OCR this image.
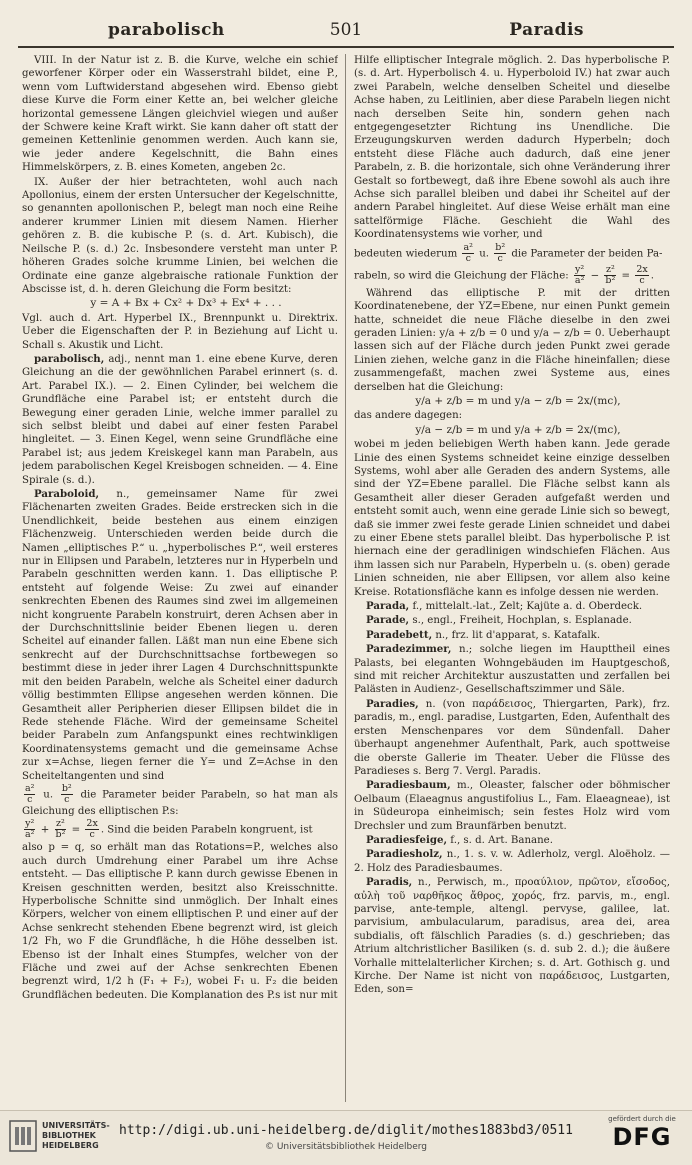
parabolisch	501	Paradis

VIII. In der Natur ist z. B. die Kurve, welche ein schief geworfener Körper oder ein Wasserstrahl bildet, eine P., wenn vom Luftwiderstand abgesehen wird. Ebenso giebt diese Kurve die Form einer Kette an, bei welcher gleiche horizontal gemessene Längen gleichviel wiegen und außer der Schwere keine Kraft wirkt. Sie kann daher oft statt der gemeinen Kettenlinie genommen werden. Auch kann sie, wie jeder andere Kegelschnitt, die Bahn eines Himmelskörpers, z. B. eines Kometen, angeben 2c.

IX. Außer der hier betrachteten, wohl auch nach Apollonius, einem der ersten Untersucher der Kegelschnitte, so genannten apollonischen P., belegt man noch eine Reihe anderer krummer Linien mit diesem Namen. Hierher gehören z. B. die kubische P. (s. d. Art. Kubisch), die Neilsche P. (s. d.) 2c. Insbesondere versteht man unter P. höheren Grades solche krumme Linien, bei welchen die Ordinate eine ganze algebraische rationale Funktion der Abscisse ist, d. h. deren Gleichung die Form besitzt:

y = A + Bx + Cx² + Dx³ + Ex⁴ + . . .

Vgl. auch d. Art. Hyperbel IX., Brennpunkt u. Direktrix. Ueber die Eigenschaften der P. in Beziehung auf Licht u. Schall s. Akustik und Licht.

parabolisch, adj., nennt man 1. eine ebene Kurve, deren Gleichung an die der gewöhnlichen Parabel erinnert (s. d. Art. Parabel IX.). — 2. Einen Cylinder, bei welchem die Grundfläche eine Parabel ist; er entsteht durch die Bewegung einer geraden Linie, welche immer parallel zu sich selbst bleibt und dabei auf einer festen Parabel hingleitet. — 3. Einen Kegel, wenn seine Grundfläche eine Parabel ist; aus jedem Kreiskegel kann man Parabeln, aus jedem parabolischen Kegel Kreisbogen schneiden. — 4. Eine Spirale (s. d.).

Paraboloid, n., gemeinsamer Name für zwei Flächenarten zweiten Grades. Beide erstrecken sich in die Unendlichkeit, beide bestehen aus einem einzigen Flächenzweig. Unterschieden werden beide durch die Namen „elliptisches P.“ u. „hyperbolisches P.“, weil ersteres nur in Ellipsen und Parabeln, letzteres nur in Hyperbeln und Parabeln geschnitten werden kann. 1. Das elliptische P. entsteht auf folgende Weise: Zu zwei auf einander senkrechten Ebenen des Raumes sind zwei im allgemeinen nicht kongruente Parabeln konstruirt, deren Achsen aber in der Durchschnittslinie beider Ebenen liegen u. deren Scheitel auf einander fallen. Läßt man nun eine Ebene sich senkrecht auf der Durchschnittsachse fortbewegen so bestimmt diese in jeder ihrer Lagen 4 Durchschnittspunkte mit den beiden Parabeln, welche als Scheitel einer dadurch völlig bestimmten Ellipse angesehen werden können. Die Gesamtheit aller Peripherien dieser Ellipsen bildet die in Rede stehende Fläche. Wird der gemeinsame Scheitel beider Parabeln zum Anfangspunkt eines rechtwinkligen Koordinatensystems gemacht und die gemeinsame Achse zur x=Achse, liegen ferner die Y= und Z=Achse in den Scheiteltangenten und sind

$\frac{\text{a²}}{c} u$. $\frac{\text{b²}}{c}$ die Parameter beider Parabeln, so hat man als Gleichung des elliptischen P.s:

$\frac{\text{y²}}{\text{a²}} + \frac{\text{z²}}{\text{b²}} = \frac{2x}{c}$ . Sind die beiden Parabeln kongruent, ist

also p = q, so erhält man das Rotations=P., welches also auch durch Umdrehung einer Parabel um ihre Achse entsteht. — Das elliptische P. kann durch gewisse Ebenen in Kreisen geschnitten werden, besitzt also Kreisschnitte. Hyperbolische Schnitte sind unmöglich. Der Inhalt eines Körpers, welcher von einem elliptischen P. und einer auf der Achse senkrecht stehenden Ebene begrenzt wird, ist gleich 1/2 Fh, wo F die Grundfläche, h die Höhe desselben ist. Ebenso ist der Inhalt eines Stumpfes, welcher von der Fläche und zwei auf der Achse senkrechten Ebenen begrenzt wird, 1/2 h (F₁ + F₂), wobei F₁ u. F₂ die beiden Grundflächen bedeuten. Die Komplanation des P.s ist nur mit

Hilfe elliptischer Integrale möglich. 2. Das hyperbolische P. (s. d. Art. Hyperbolisch 4. u. Hyperboloid IV.) hat zwar auch zwei Parabeln, welche denselben Scheitel und dieselbe Achse haben, zu Leitlinien, aber diese Parabeln liegen nicht nach derselben Seite hin, sondern gehen nach entgegengesetzter Richtung ins Unendliche. Die Erzeugungskurven werden dadurch Hyperbeln; doch entsteht diese Fläche auch dadurch, daß eine jener Parabeln, z. B. die horizontale, sich ohne Veränderung ihrer Gestalt so fortbewegt, daß ihre Ebene sowohl als auch ihre Achse sich parallel bleiben und dabei ihr Scheitel auf der andern Parabel hingleitet. Auf diese Weise erhält man eine sattelförmige Fläche. Geschieht die Wahl des Koordinatensystems wie vorher, und

bedeuten wiederum $\frac{\text{a²}}{c} u$. $\frac{\text{b²}}{c}$ die Parameter der beiden Pa-

rabeln, so wird die Gleichung der Fläche: $\frac{\text{y²}}{\text{a²}} - \frac{\text{z²}}{\text{b²}} = \frac{2x}{c}$ .

Während das elliptische P. mit der dritten Koordinatenebene, der YZ=Ebene, nur einen Punkt gemein hatte, schneidet die neue Fläche dieselbe in den zwei geraden Linien: y/a + z/b = 0 und y/a − z/b = 0. Ueberhaupt lassen sich auf der Fläche durch jeden Punkt zwei gerade Linien ziehen, welche ganz in die Fläche hineinfallen; diese zusammengefaßt, machen zwei Systeme aus, eines derselben hat die Gleichung:

y/a + z/b = m und y/a − z/b = 2x/(mc),

das andere dagegen:

y/a − z/b = m und y/a + z/b = 2x/(mc),

wobei m jeden beliebigen Werth haben kann. Jede gerade Linie des einen Systems schneidet keine einzige desselben Systems, wohl aber alle Geraden des andern Systems, alle sind der YZ=Ebene parallel. Die Fläche selbst kann als Gesamtheit aller dieser Geraden aufgefaßt werden und entsteht somit auch, wenn eine gerade Linie sich so bewegt, daß sie immer zwei feste gerade Linien schneidet und dabei zu einer Ebene stets parallel bleibt. Das hyperbolische P. ist hiernach eine der geradlinigen windschiefen Flächen. Aus ihm lassen sich nur Parabeln, Hyperbeln u. (s. oben) gerade Linien schneiden, nie aber Ellipsen, vor allem also keine Kreise. Rotationsfläche kann es infolge dessen nie werden.

Parada, f., mittelalt.-lat., Zelt; Kajüte a. d. Oberdeck.

Parade, s., engl., Freiheit, Hochplan, s. Esplanade.

Paradebett, n., frz. lit d'apparat, s. Katafalk.

Paradezimmer, n.; solche liegen im Haupttheil eines Palasts, bei eleganten Wohngebäuden im Hauptgeschoß, sind mit reicher Architektur auszustatten und zerfallen bei Palästen in Audienz-, Gesellschaftszimmer und Säle.

Paradies, n. (von παράδεισος, Thiergarten, Park), frz. paradis, m., engl. paradise, Lustgarten, Eden, Aufenthalt des ersten Menschenpares vor dem Sündenfall. Daher überhaupt angenehmer Aufenthalt, Park, auch spottweise die oberste Gallerie im Theater. Ueber die Flüsse des Paradieses s. Berg 7. Vergl. Paradis.

Paradiesbaum, m., Oleaster, falscher oder böhmischer Oelbaum (Elaeagnus angustifolius L., Fam. Elaeagneae), ist in Südeuropa einheimisch; sein festes Holz wird vom Drechsler und zum Braunfärben benutzt.

Paradiesfeige, f., s. d. Art. Banane.

Paradiesholz, n., 1. s. v. w. Adlerholz, vergl. Aloëholz. — 2. Holz des Paradiesbaumes.

Paradis, n., Perwisch, m., προαύλιον, πρῶτον, εἴσοδος, αὐλὴ τοῦ ναρθῆκος ἄθρος, χορός, frz. parvis, m., engl. parvise, ante-temple, altengl. pervyse, galilee, lat. parvisium, ambulacularum, paradisus, area dei, area subdialis, oft fälschlich Paradies (s. d.) geschrieben; das Atrium altchristlicher Basiliken (s. d. sub 2. d.); die äußere Vorhalle mittelalterlicher Kirchen; s. d. Art. Gothisch g. und Kirche. Der Name ist nicht von παράδεισος, Lustgarten, Eden, son=

UNIVERSITÄTS-
BIBLIOTHEK
HEIDELBERG
http://digi.ub.uni-heidelberg.de/diglit/mothes1883bd3/0511
© Universitätsbibliothek Heidelberg
gefördert durch die
DFG
